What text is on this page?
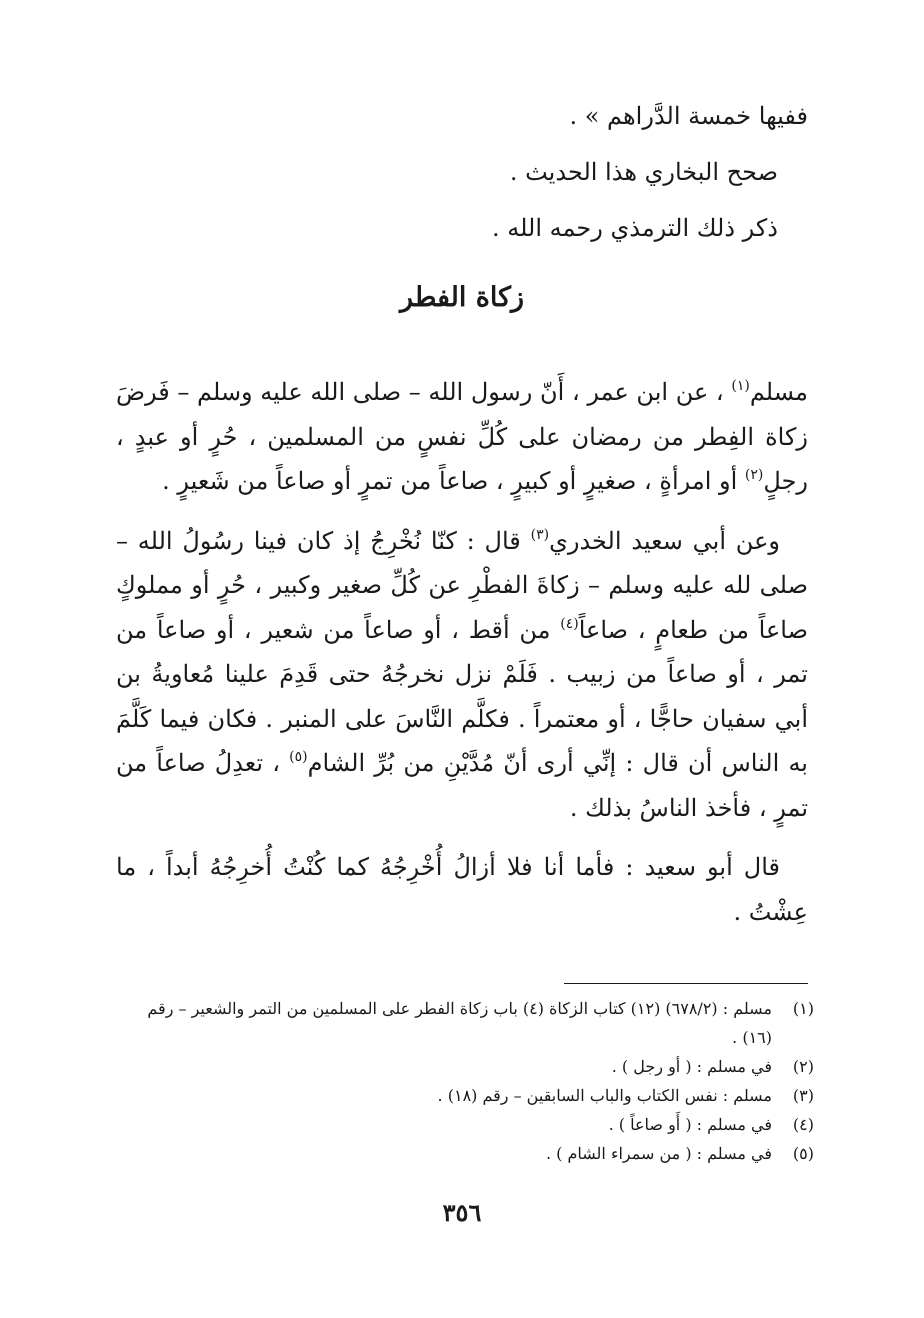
ففيها خمسة الدَّراهم » .

صحح البخاري هذا الحديث .

ذكر ذلك الترمذي رحمه الله .

زكاة الفطر

مسلم$^{(١)}$ ، عن ابن عمر ، أَنّ رسول الله – صلى الله عليه وسلم – فَرضَ زكاة الفِطر من رمضان على كُلِّ نفسٍ من المسلمين ، حُرٍ أو عبدٍ ، رجلٍ$^{(٢)}$ أو امرأةٍ ، صغيرٍ أو كبيرٍ ، صاعاً من تمرٍ أو صاعاً من شَعيرٍ .

وعن أبي سعيد الخدري$^{(٣)}$ قال : كنّا نُخْرِجُ إذ كان فينا رسُولُ الله – صلى لله عليه وسلم – زكاةَ الفطْرِ عن كُلِّ صغير وكبير ، حُرٍ أو مملوكٍ صاعاً من طعامٍ ، صاعاً$^{(٤)}$ من أقط ، أو صاعاً من شعير ، أو صاعاً من تمر ، أو صاعاً من زبيب . فَلَمْ نزل نخرجُهُ حتى قَدِمَ علينا مُعاويةُ بن أبي سفيان حاجًّا ، أو معتمراً . فكلَّم النَّاسَ على المنبر . فكان فيما كَلَّمَ به الناس أن قال : إنِّي أرى أنّ مُدَّيْنِ من بُرِّ الشام$^{(٥)}$ ، تعدِلُ صاعاً من تمرٍ ، فأخذ الناسُ بذلك .

قال أبو سعيد : فأما أنا فلا أزالُ أُخْرِجُهُ كما كُنْتُ أُخرِجُهُ أبداً ، ما عِشْتُ .

(١)
مسلم : (٦٧٨/٢) (١٢) كتاب الزكاة (٤) باب زكاة الفطر على المسلمين من التمر والشعير – رقم (١٦) .
(٢)
في مسلم : ( أو رجل ) .
(٣)
مسلم : نفس الكتاب والباب السابقين – رقم (١٨) .
(٤)
في مسلم : ( أَو صاعاً ) .
(٥)
في مسلم : ( من سمراء الشام ) .

٣٥٦
